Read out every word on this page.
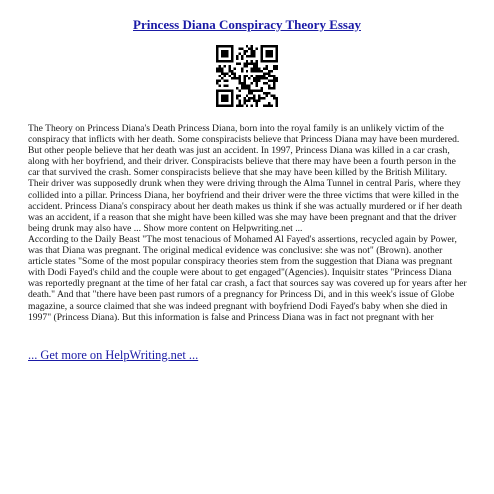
Princess Diana Conspiracy Theory Essay
The Theory on Princess Diana's Death Princess Diana, born into the royal family is an unlikely victim of the conspiracy that inflicts with her death. Some conspiracists believe that Princess Diana may have been murdered. But other people believe that her death was just an accident. In 1997, Princess Diana was killed in a car crash, along with her boyfriend, and their driver. Conspiracists believe that there may have been a fourth person in the car that survived the crash. Somer conspiracists believe that she may have been killed by the British Military. Their driver was supposedly drunk when they were driving through the Alma Tunnel in central Paris, where they collided into a pillar. Princess Diana, her boyfriend and their driver were the three victims that were killed in the accident. Princess Diana's conspiracy about her death makes us think if she was actually murdered or if her death was an accident, if a reason that she might have been killed was she may have been pregnant and that the driver being drunk may also have ... Show more content on Helpwriting.net ...
According to the Daily Beast "The most tenacious of Mohamed Al Fayed's assertions, recycled again by Power, was that Diana was pregnant. The original medical evidence was conclusive: she was not" (Brown). another article states "Some of the most popular conspiracy theories stem from the suggestion that Diana was pregnant with Dodi Fayed's child and the couple were about to get engaged"(Agencies). Inquisitr states "Princess Diana was reportedly pregnant at the time of her fatal car crash, a fact that sources say was covered up for years after her death." And that "there have been past rumors of a pregnancy for Princess Di, and in this week's issue of Globe magazine, a source claimed that she was indeed pregnant with boyfriend Dodi Fayed's baby when she died in 1997" (Princess Diana). But this information is false and Princess Diana was in fact not pregnant with her
... Get more on HelpWriting.net ...
